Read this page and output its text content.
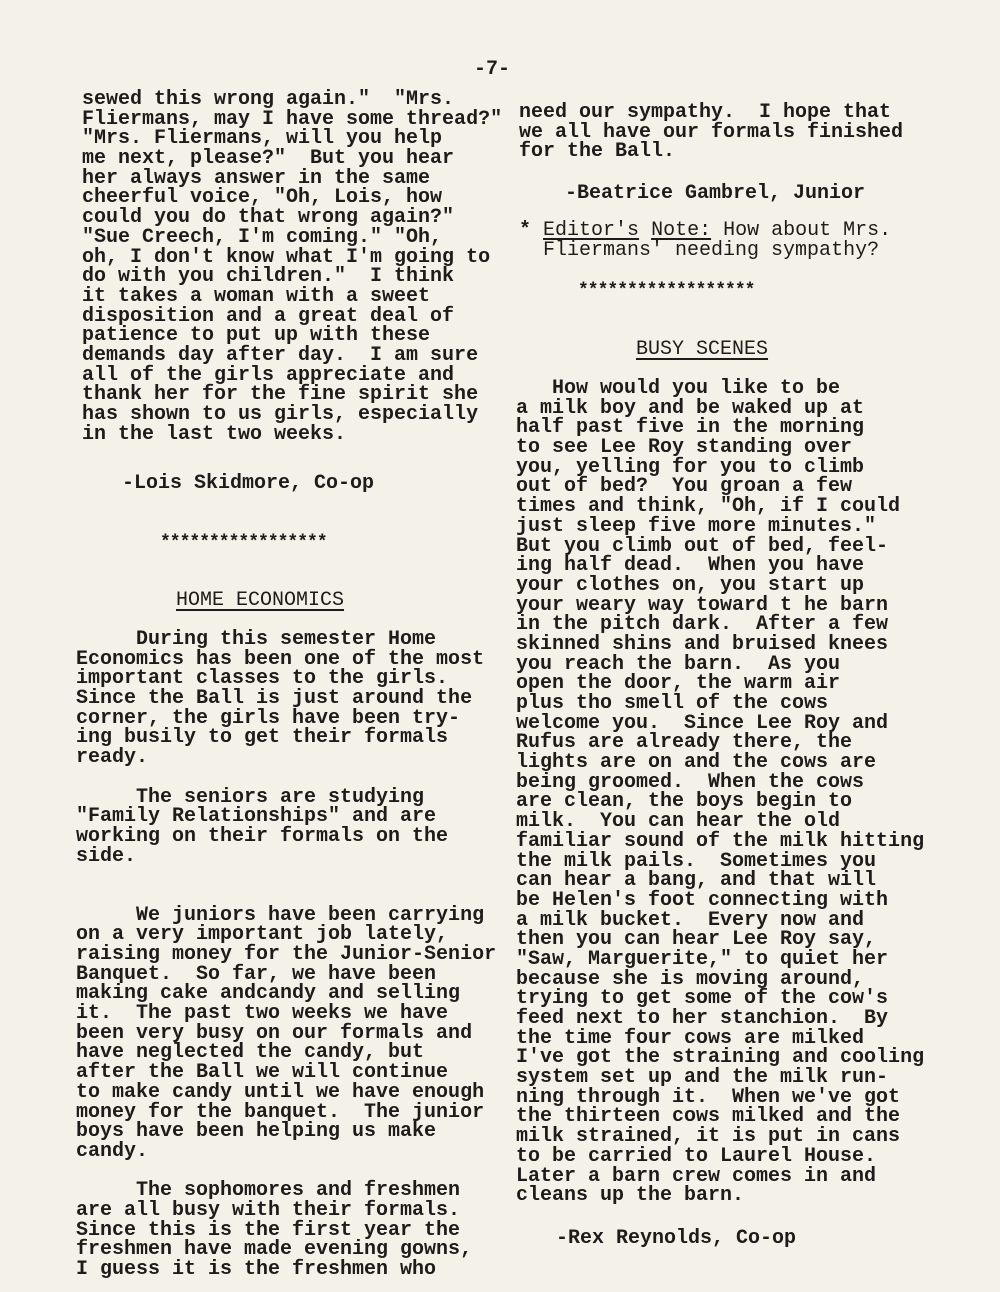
-7-
sewed this wrong again."  "Mrs.
Fliermans, may I have some thread?"
"Mrs. Fliermans, will you help
me next, please?"  But you hear
her always answer in the same
cheerful voice, "Oh, Lois, how
could you do that wrong again?"
"Sue Creech, I'm coming." "Oh,
oh, I don't know what I'm going to
do with you children."  I think
it takes a woman with a sweet
disposition and a great deal of
patience to put up with these
demands day after day.  I am sure
all of the girls appreciate and
thank her for the fine spirit she
has shown to us girls, especially
in the last two weeks.
-Lois Skidmore, Co-op
*****************
HOME ECONOMICS
During this semester Home
Economics has been one of the most
important classes to the girls.
Since the Ball is just around the
corner, the girls have been try-
ing busily to get their formals
ready.
The seniors are studying
"Family Relationships" and are
working on their formals on the
side.
We juniors have been carrying
on a very important job lately,
raising money for the Junior-Senior
Banquet.  So far, we have been
making cake andcandy and selling
it.  The past two weeks we have
been very busy on our formals and
have neglected the candy, but
after the Ball we will continue
to make candy until we have enough
money for the banquet.  The junior
boys have been helping us make
candy.
The sophomores and freshmen
are all busy with their formals.
Since this is the first year the
freshmen have made evening gowns,
I guess it is the freshmen who
need our sympathy.  I hope that
we all have our formals finished
for the Ball.
-Beatrice Gambrel, Junior
* Editor's Note: How about Mrs.
Fliermans' needing sympathy?
******************
BUSY SCENES
How would you like to be
a milk boy and be waked up at
half past five in the morning
to see Lee Roy standing over
you, yelling for you to climb
out of bed?  You groan a few
times and think, "Oh, if I could
just sleep five more minutes."
But you climb out of bed, feel-
ing half dead.  When you have
your clothes on, you start up
your weary way toward t he barn
in the pitch dark.  After a few
skinned shins and bruised knees
you reach the barn.  As you
open the door, the warm air
plus tho smell of the cows
welcome you.  Since Lee Roy and
Rufus are already there, the
lights are on and the cows are
being groomed.  When the cows
are clean, the boys begin to
milk.  You can hear the old
familiar sound of the milk hitting
the milk pails.  Sometimes you
can hear a bang, and that will
be Helen's foot connecting with
a milk bucket.  Every now and
then you can hear Lee Roy say,
"Saw, Marguerite," to quiet her
because she is moving around,
trying to get some of the cow's
feed next to her stanchion.  By
the time four cows are milked
I've got the straining and cooling
system set up and the milk run-
ning through it.  When we've got
the thirteen cows milked and the
milk strained, it is put in cans
to be carried to Laurel House.
Later a barn crew comes in and
cleans up the barn.
-Rex Reynolds, Co-op
